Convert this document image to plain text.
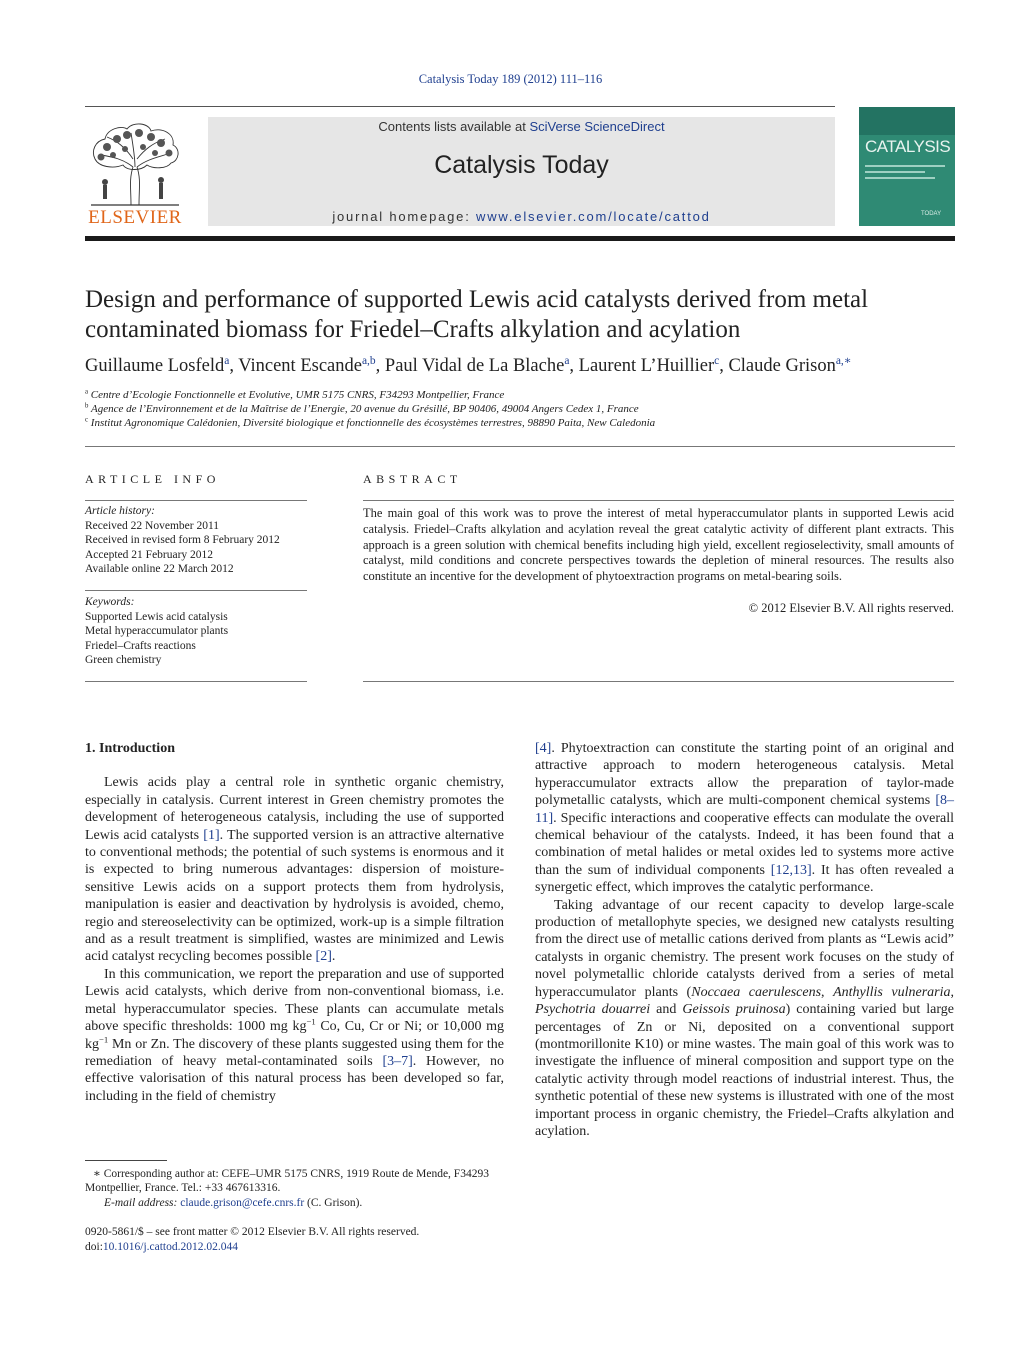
Catalysis Today 189 (2012) 111–116
ELSEVIER
Contents lists available at SciVerse ScienceDirect
Catalysis Today
journal homepage: www.elsevier.com/locate/cattod
CATALYSIS
TODAY
Design and performance of supported Lewis acid catalysts derived from metal
contaminated biomass for Friedel–Crafts alkylation and acylation
Guillaume Losfeld$^a$, Vincent Escande$^{a,b}$, Paul Vidal de La Blache$^a$, Laurent L’Huillier$^c$, Claude Grison$^{a,∗}$
$^a$ Centre d’Ecologie Fonctionnelle et Evolutive, UMR 5175 CNRS, F34293 Montpellier, France
$^b$ Agence de l’Environnement et de la Maîtrise de l’Energie, 20 avenue du Grésillé, BP 90406, 49004 Angers Cedex 1, France
$^c$ Institut Agronomique Calédonien, Diversité biologique et fonctionnelle des écosystèmes terrestres, 98890 Paita, New Caledonia
ARTICLE INFO
Article history:
Received 22 November 2011
Received in revised form 8 February 2012
Accepted 21 February 2012
Available online 22 March 2012
Keywords:
Supported Lewis acid catalysis
Metal hyperaccumulator plants
Friedel–Crafts reactions
Green chemistry
ABSTRACT
The main goal of this work was to prove the interest of metal hyperaccumulator plants in supported Lewis acid catalysis. Friedel–Crafts alkylation and acylation reveal the great catalytic activity of different plant extracts. This approach is a green solution with chemical benefits including high yield, excellent regioselectivity, small amounts of catalyst, mild conditions and concrete perspectives towards the depletion of mineral resources. The results also constitute an incentive for the development of phytoextraction programs on metal-bearing soils.
© 2012 Elsevier B.V. All rights reserved.
1. Introduction

Lewis acids play a central role in synthetic organic chemistry, especially in catalysis. Current interest in Green chemistry promotes the development of heterogeneous catalysis, including the use of supported Lewis acid catalysts [1]. The supported version is an attractive alternative to conventional methods; the potential of such systems is enormous and it is expected to bring numerous advantages: dispersion of moisture-sensitive Lewis acids on a support protects them from hydrolysis, manipulation is easier and deactivation by hydrolysis is avoided, chemo, regio and stereoselectivity can be optimized, work-up is a simple filtration and as a result treatment is simplified, wastes are minimized and Lewis acid catalyst recycling becomes possible [2].

In this communication, we report the preparation and use of supported Lewis acid catalysts, which derive from non-conventional biomass, i.e. metal hyperaccumulator species. These plants can accumulate metals above specific thresholds: 1000 mg $kg^{-1}$ Co, Cu, Cr or Ni; or 10,000 mg $kg^{-1}$ Mn or Zn. The discovery of these plants suggested using them for the remediation of heavy metal-contaminated soils [3–7]. However, no effective valorisation of this natural process has been developed so far, including in the field of chemistry

[4]. Phytoextraction can constitute the starting point of an original and attractive approach to modern heterogeneous catalysis. Metal hyperaccumulator extracts allow the preparation of taylor-made polymetallic catalysts, which are multi-component chemical systems [8–11]. Specific interactions and cooperative effects can modulate the overall chemical behaviour of the catalysts. Indeed, it has been found that a combination of metal halides or metal oxides led to systems more active than the sum of individual components [12,13]. It has often revealed a synergetic effect, which improves the catalytic performance.

Taking advantage of our recent capacity to develop large-scale production of metallophyte species, we designed new catalysts resulting from the direct use of metallic cations derived from plants as “Lewis acid” catalysts in organic chemistry. The present work focuses on the study of novel polymetallic chloride catalysts derived from a series of metal hyperaccumulator plants (Noccaea caerulescens, Anthyllis vulneraria, Psychotria douarrei and Geissois pruinosa) containing varied but large percentages of Zn or Ni, deposited on a conventional support (montmorillonite K10) or mine wastes. The main goal of this work was to investigate the influence of mineral composition and support type on the catalytic activity through model reactions of industrial interest. Thus, the synthetic potential of these new systems is illustrated with one of the most important process in organic chemistry, the Friedel–Crafts alkylation and acylation.

∗ Corresponding author at: CEFE–UMR 5175 CNRS, 1919 Route de Mende, F34293 Montpellier, France. Tel.: +33 467613316.
E-mail address: claude.grison@cefe.cnrs.fr (C. Grison).
0920-5861/$ – see front matter © 2012 Elsevier B.V. All rights reserved.
doi:10.1016/j.cattod.2012.02.044
